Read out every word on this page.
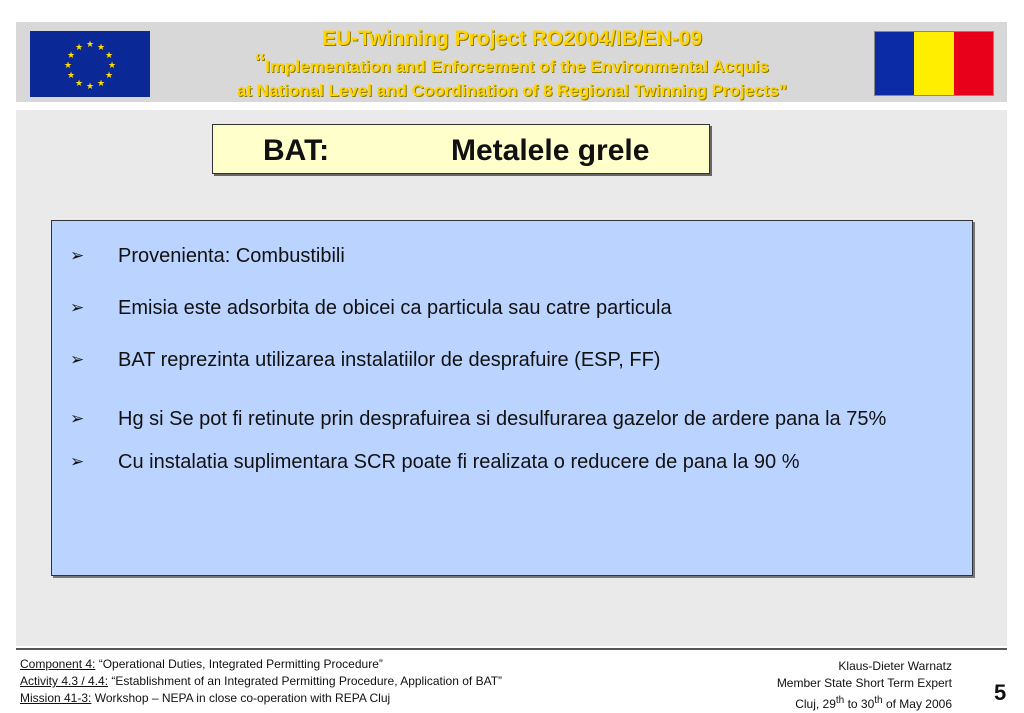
★ ★
★
★
★
★
★
★
★
★
★
★	EU-Twinning Project RO2004/IB/EN-09
“Implementation and Enforcement of the Environmental Acquis
at National Level and Coordination of 8 Regional Twinning Projects”
BAT:	Metalele grele
➢ Provenienta: Combustibili
➢ Emisia este adsorbita de obicei ca particula sau catre particula
➢ BAT reprezinta utilizarea instalatiilor de desprafuire (ESP, FF)
➢ Hg si Se pot fi retinute prin desprafuirea si desulfurarea gazelor de ardere pana la 75%
➢ Cu instalatia suplimentara SCR poate fi realizata o reducere de pana la 90 %
Component 4: “Operational Duties, Integrated Permitting Procedure”
Activity 4.3 / 4.4: “Establishment of an Integrated Permitting Procedure, Application of BAT”
Mission 41-3: Workshop – NEPA in close co-operation with REPA Cluj
Klaus-Dieter Warnatz
Member State Short Term Expert
Cluj, 29th to 30th of May 2006 5
